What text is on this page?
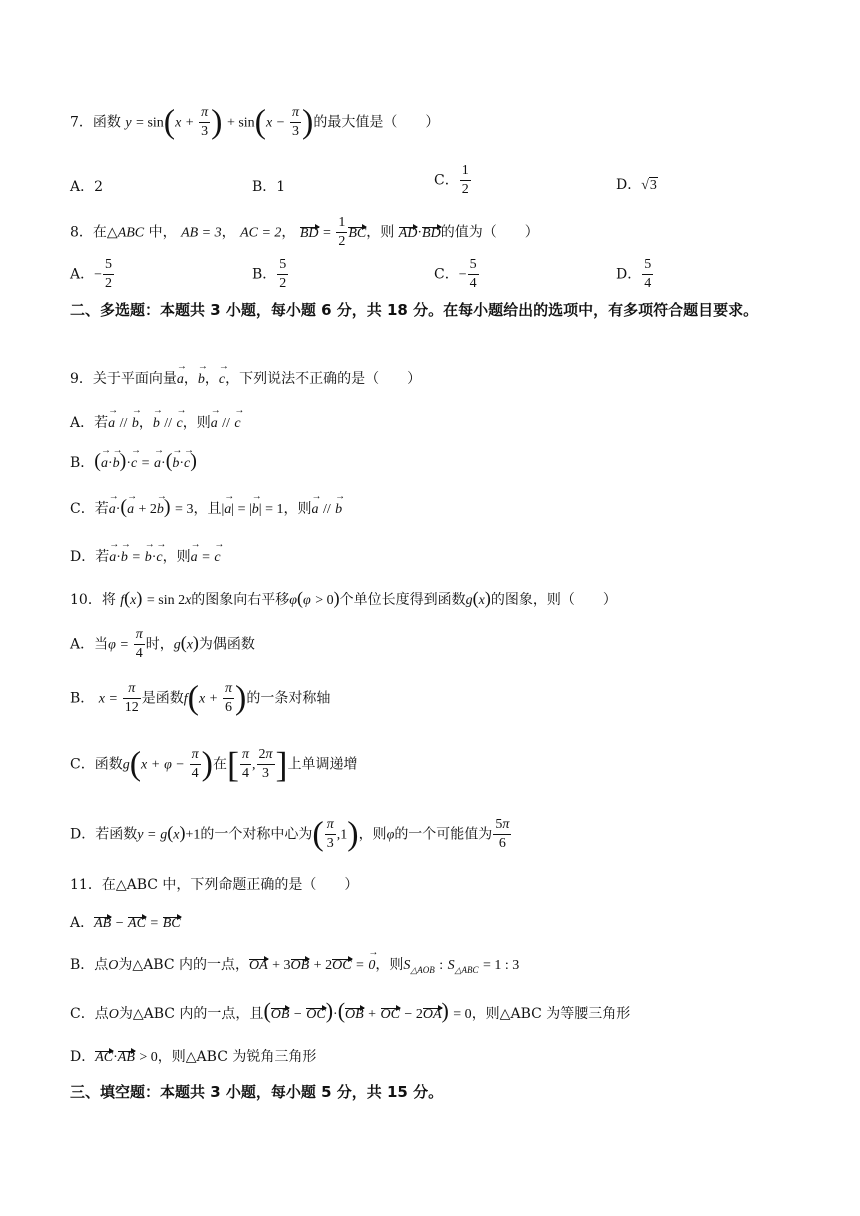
7．函数 $y = \sin(x + \frac{\pi}{3}$ ) + $\sin(x - \frac{\pi}{3}$ )的最大值是（　　）
A．2	B．1	C． $\frac{1}{2}$	D．√3
8．在△ABC 中， AB = 3， AC = 2， BD = $\frac{1}{2}$ BC，则 AD·BD的值为（　　）
A．− $\frac{5}{2}$	B． $\frac{5}{2}$	C．− $\frac{5}{4}$	D． $\frac{5}{4}$
二、多选题：本题共 3 小题，每小题 6 分，共 18 分。在每小题给出的选项中，有多项符合题目要求。
9．关于平面向量→ a，→ b，→ c，下列说法不正确的是（　　）
A．若→ a // → b，→ b // → c，则→ a // → c
B．(→ a·→ b)·→ c = → a·(→ b·→ c)
C．若→ a·(→ a + 2→ b) = 3，且|→ a| = |→ b| = 1，则→ a // → b
D．若→ a·→ b = → b·→ c，则→ a = → c
10．将 f(x) = sin 2x的图象向右平移φ(φ > 0)个单位长度得到函数g(x)的图象，则（　　）
A．当$\varphi = \frac{\pi}{4}$ 时，g(x)为偶函数
B． $x = \frac{\pi}{12}$ 是函数$f(x + \frac{\pi}{6}$ )的一条对称轴
C．函数$g(x + \varphi - \frac{\pi}{4}$ )在[ $\frac{\pi}{4}$ , $\frac{2\pi}{3}$ ]上单调递增
D．若函数y = g(x)+1的一个对称中心为( $\frac{\pi}{3} ,1$)，则φ的一个可能值为 $\frac{5\pi}{6}$
11．在△ABC 中，下列命题正确的是（　　）
A．AB − AC = BC
B．点O为△ABC 内的一点，OA + 3OB + 2OC = → 0，则$S_{\triangle AOB}$ : $S_{\triangle ABC} = 1$ : 3
C．点O为△ABC 内的一点，且(OB − OC)·(OB + OC − 2OA) = 0，则△ABC 为等腰三角形
D．AC·AB > 0，则△ABC 为锐角三角形
三、填空题：本题共 3 小题，每小题 5 分，共 15 分。
